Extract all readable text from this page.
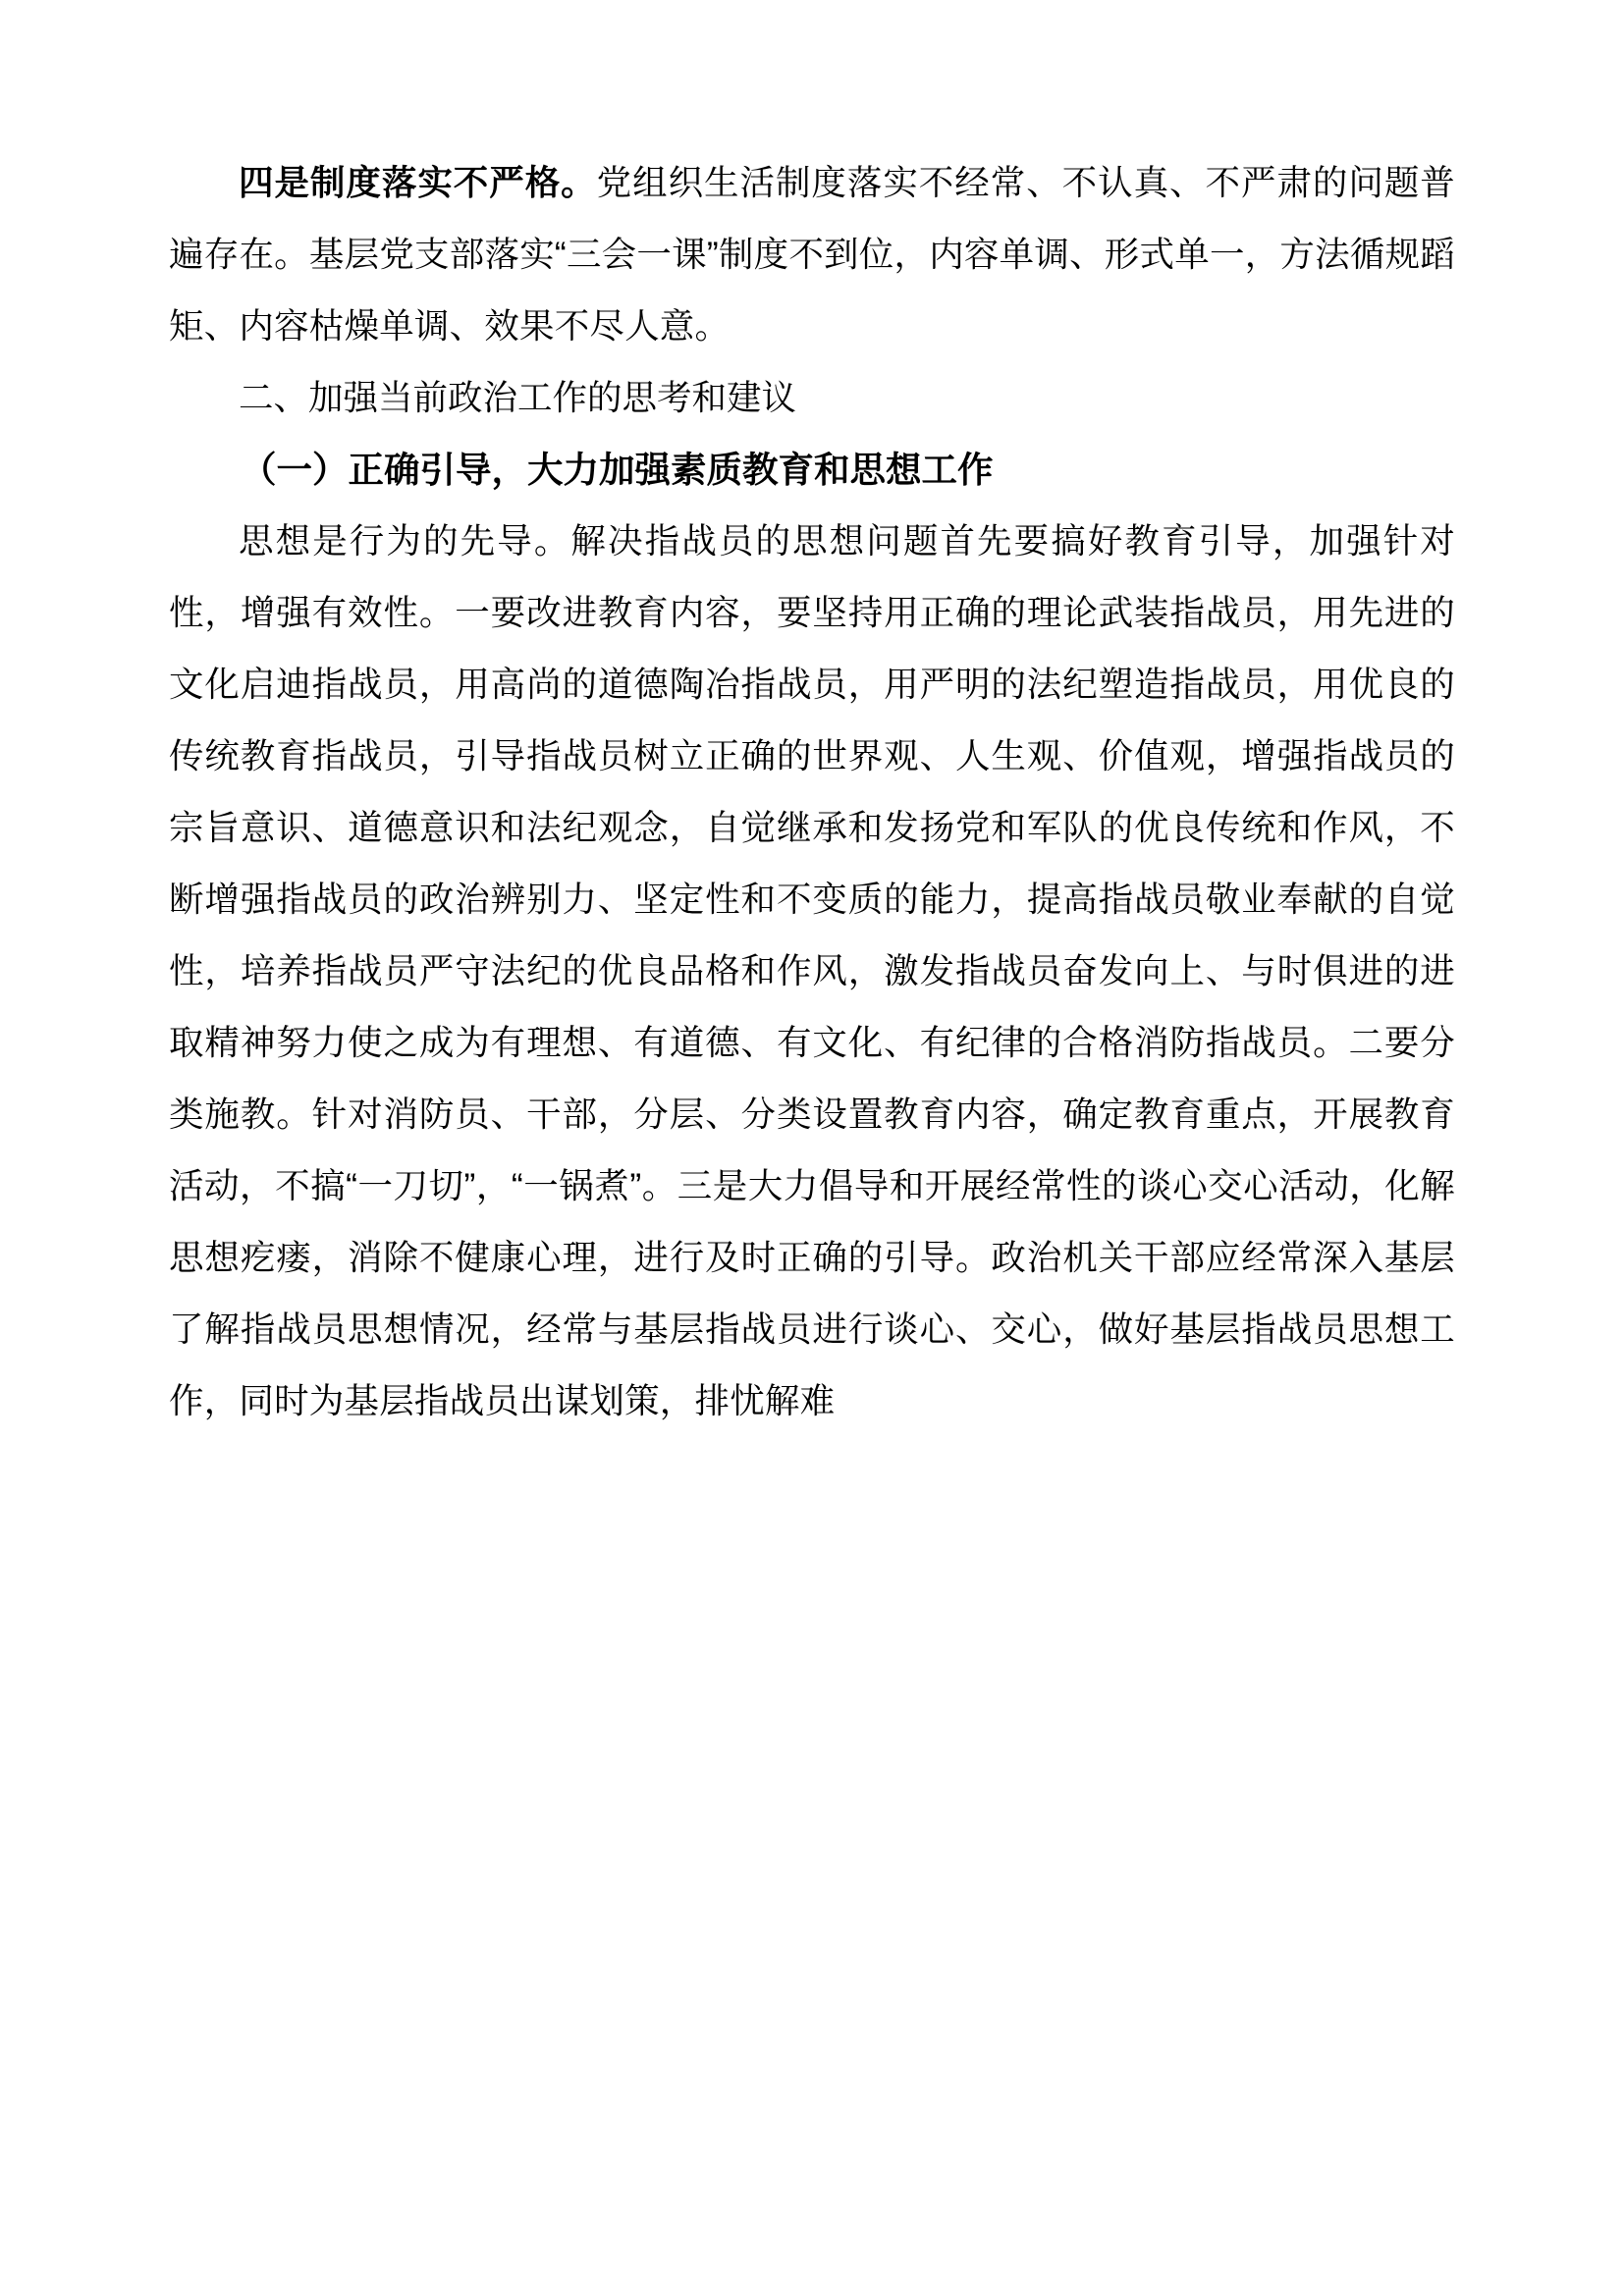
四是制度落实不严格。党组织生活制度落实不经常、不认真、不严肃的问题普遍存在。基层党支部落实“三会一课”制度不到位，内容单调、形式单一，方法循规蹈矩、内容枯燥单调、效果不尽人意。

二、加强当前政治工作的思考和建议

（一）正确引导，大力加强素质教育和思想工作

思想是行为的先导。解决指战员的思想问题首先要搞好教育引导，加强针对性，增强有效性。一要改进教育内容，要坚持用正确的理论武装指战员，用先进的文化启迪指战员，用高尚的道德陶冶指战员，用严明的法纪塑造指战员，用优良的传统教育指战员，引导指战员树立正确的世界观、人生观、价值观，增强指战员的宗旨意识、道德意识和法纪观念，自觉继承和发扬党和军队的优良传统和作风，不断增强指战员的政治辨别力、坚定性和不变质的能力，提高指战员敬业奉献的自觉性，培养指战员严守法纪的优良品格和作风，激发指战员奋发向上、与时俱进的进取精神努力使之成为有理想、有道德、有文化、有纪律的合格消防指战员。二要分类施教。针对消防员、干部，分层、分类设置教育内容，确定教育重点，开展教育活动，不搞“一刀切”，“一锅煮”。三是大力倡导和开展经常性的谈心交心活动，化解思想疙瘘，消除不健康心理，进行及时正确的引导。政治机关干部应经常深入基层了解指战员思想情况，经常与基层指战员进行谈心、交心，做好基层指战员思想工作，同时为基层指战员出谋划策，排忧解难
